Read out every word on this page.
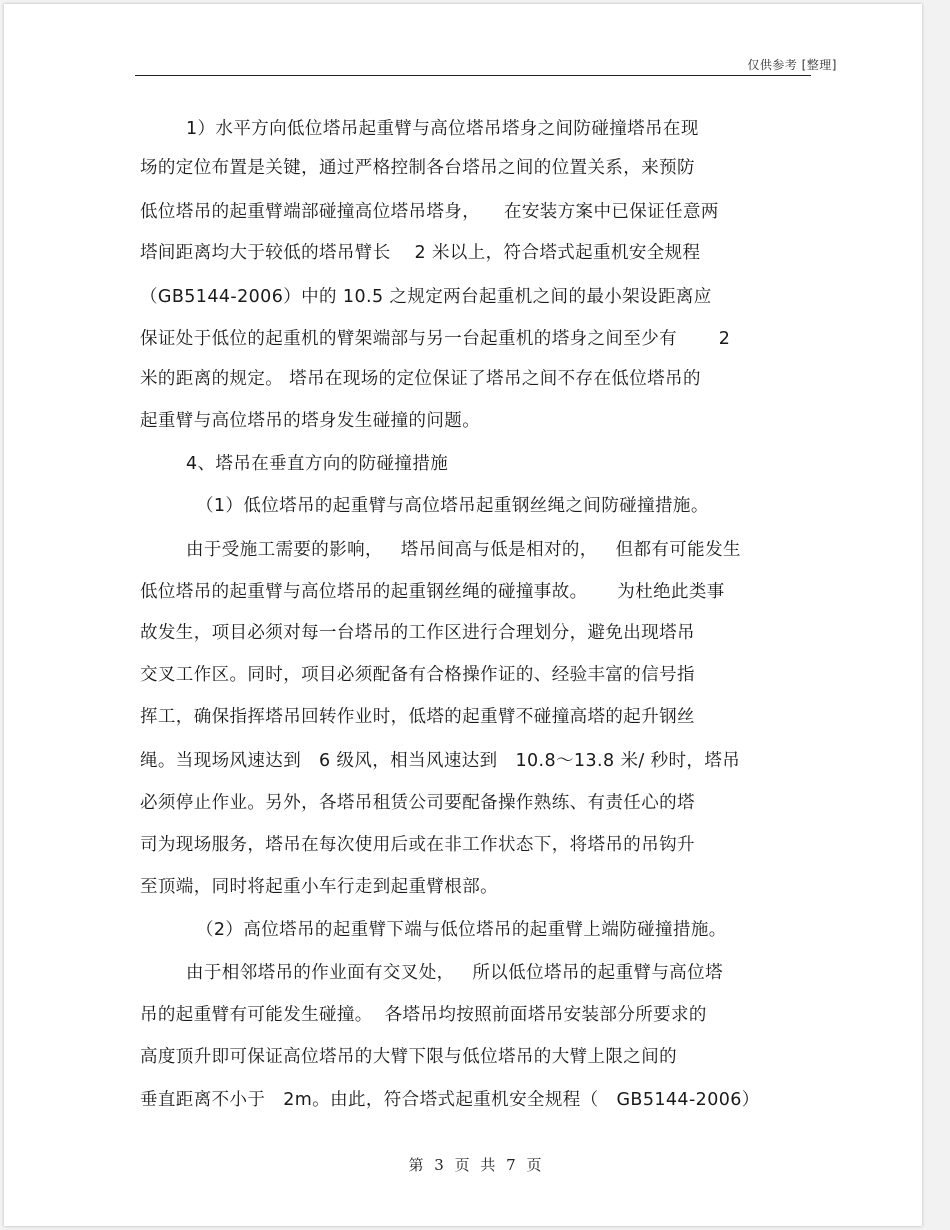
仅供参考 [整理]
1）水平方向低位塔吊起重臂与高位塔吊塔身之间防碰撞塔吊在现
场的定位布置是关键，通过严格控制各台塔吊之间的位置关系，来预防
低位塔吊的起重臂端部碰撞高位塔吊塔身，    在安装方案中已保证任意两
塔间距离均大于较低的塔吊臂长    2 米以上，符合塔式起重机安全规程
（GB5144-2006）中的 10.5 之规定两台起重机之间的最小架设距离应
保证处于低位的起重机的臂架端部与另一台起重机的塔身之间至少有       2
米的距离的规定。 塔吊在现场的定位保证了塔吊之间不存在低位塔吊的
起重臂与高位塔吊的塔身发生碰撞的问题。
4、塔吊在垂直方向的防碰撞措施
（1）低位塔吊的起重臂与高位塔吊起重钢丝绳之间防碰撞措施。
由于受施工需要的影响，   塔吊间高与低是相对的，   但都有可能发生
低位塔吊的起重臂与高位塔吊的起重钢丝绳的碰撞事故。     为杜绝此类事
故发生，项目必须对每一台塔吊的工作区进行合理划分，避免出现塔吊
交叉工作区。同时，项目必须配备有合格操作证的、经验丰富的信号指
挥工，确保指挥塔吊回转作业时，低塔的起重臂不碰撞高塔的起升钢丝
绳。当现场风速达到   6 级风，相当风速达到   10.8～13.8 米/ 秒时，塔吊
必须停止作业。另外，各塔吊租赁公司要配备操作熟练、有责任心的塔
司为现场服务，塔吊在每次使用后或在非工作状态下，将塔吊的吊钩升
至顶端，同时将起重小车行走到起重臂根部。
（2）高位塔吊的起重臂下端与低位塔吊的起重臂上端防碰撞措施。
由于相邻塔吊的作业面有交叉处，   所以低位塔吊的起重臂与高位塔
吊的起重臂有可能发生碰撞。  各塔吊均按照前面塔吊安装部分所要求的
高度顶升即可保证高位塔吊的大臂下限与低位塔吊的大臂上限之间的
垂直距离不小于   2m。由此，符合塔式起重机安全规程（   GB5144-2006）
第 3 页 共 7 页
